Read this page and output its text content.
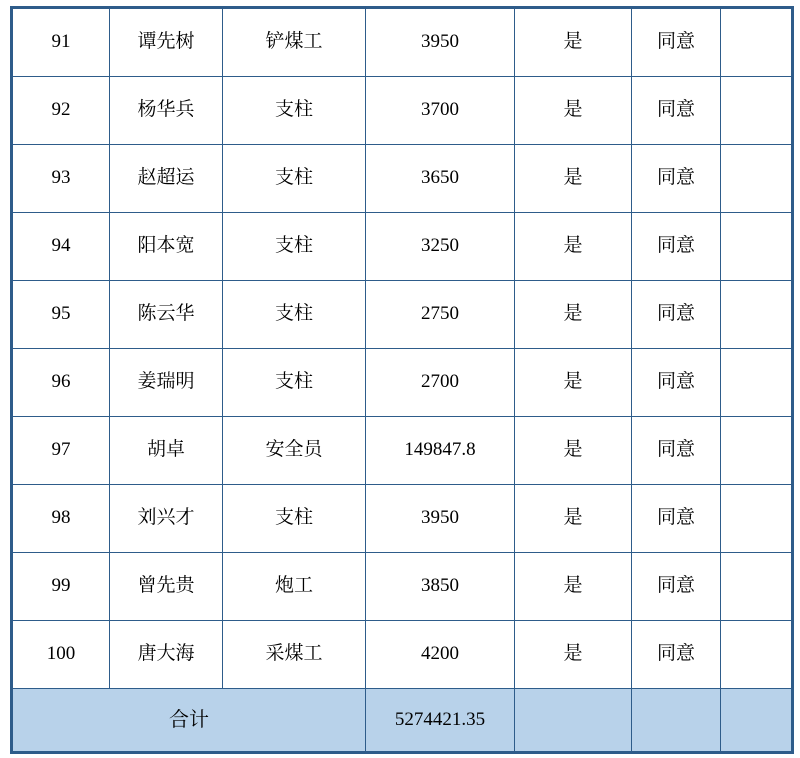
91	谭先树	铲煤工	3950	是	同意	

92	杨华兵	支柱	3700	是	同意	

93	赵超运	支柱	3650	是	同意	

94	阳本宽	支柱	3250	是	同意	

95	陈云华	支柱	2750	是	同意	

96	姜瑞明	支柱	2700	是	同意	

97	胡卓	安全员	149847.8	是	同意	

98	刘兴才	支柱	3950	是	同意	

99	曾先贵	炮工	3850	是	同意	

100	唐大海	采煤工	4200	是	同意	

合计			5274421.35			
